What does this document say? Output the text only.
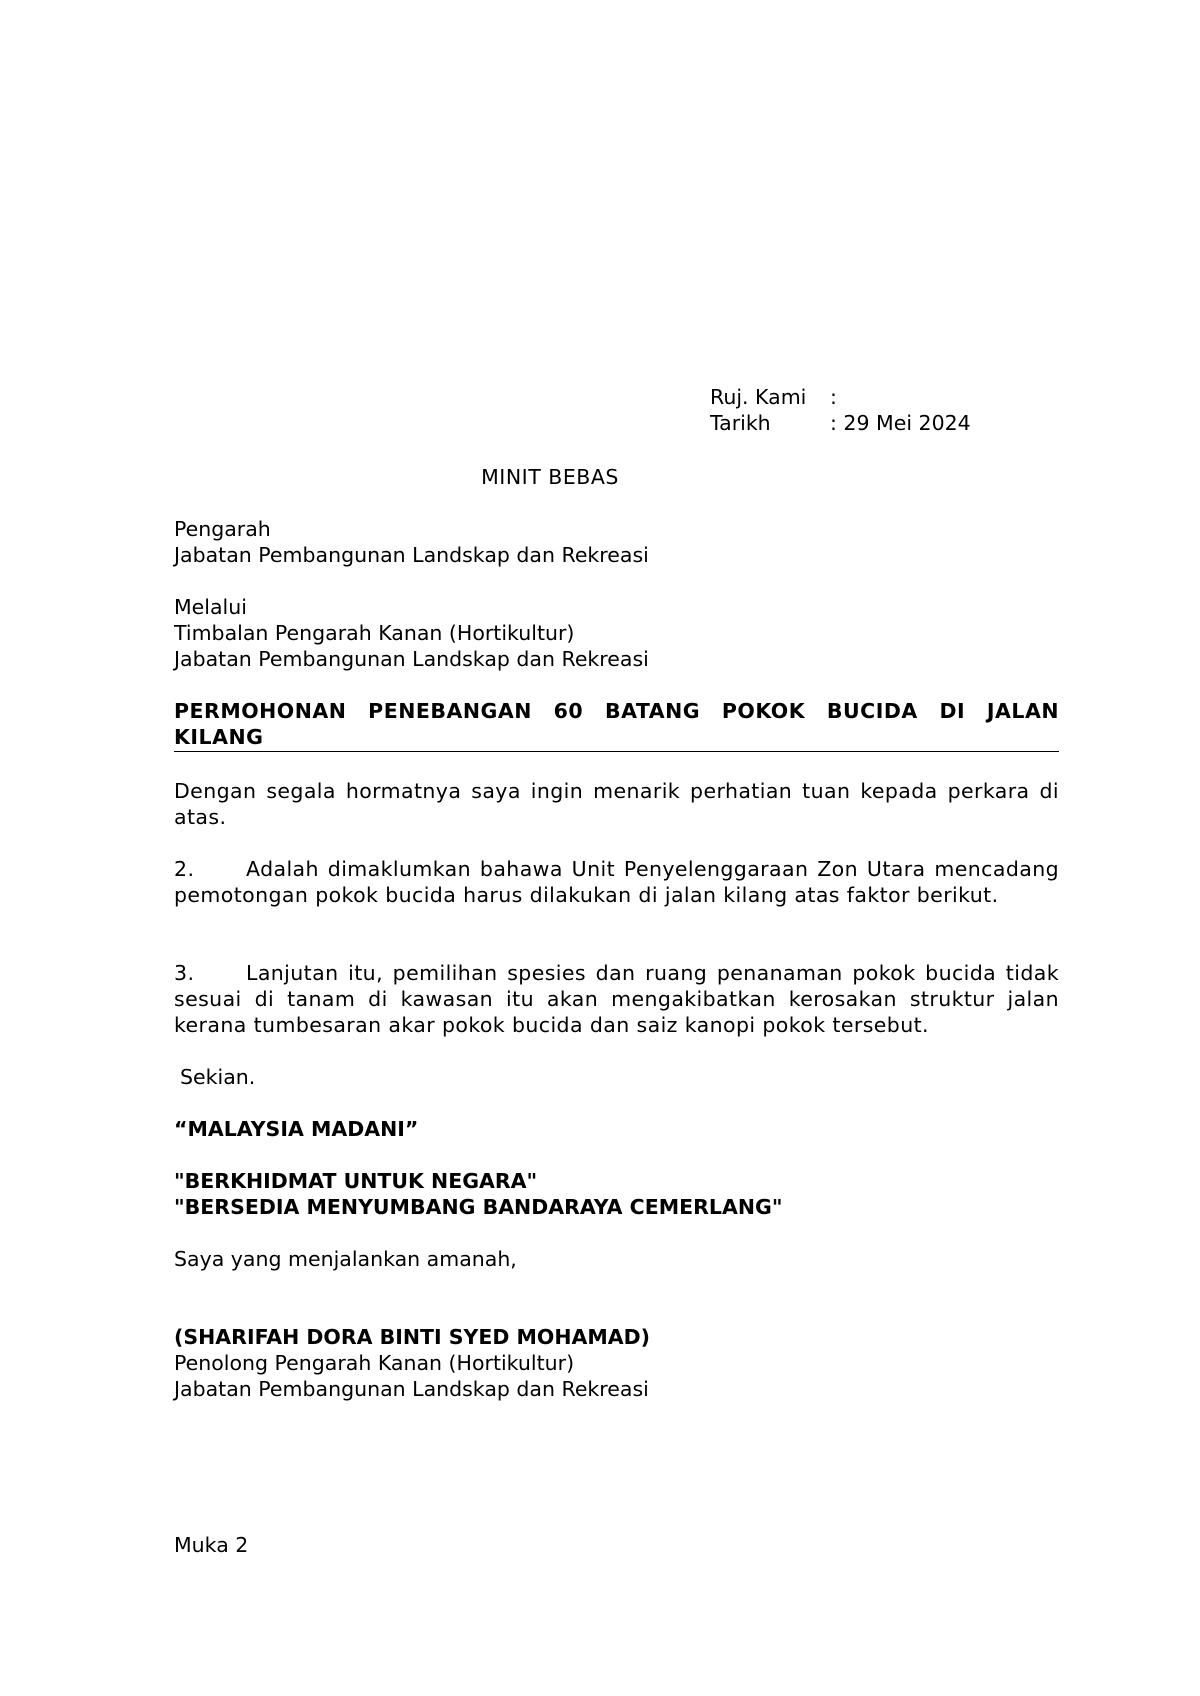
Ruj. Kami	:
Tarikh	: 29 Mei 2024
MINIT BEBAS
Pengarah
Jabatan Pembangunan Landskap dan Rekreasi
Melalui
Timbalan Pengarah Kanan (Hortikultur)
Jabatan Pembangunan Landskap dan Rekreasi
PERMOHONAN PENEBANGAN 60 BATANG POKOK BUCIDA DI JALAN KILANG
Dengan segala hormatnya saya ingin menarik perhatian tuan kepada perkara di atas.
2.	Adalah dimaklumkan bahawa Unit Penyelenggaraan Zon Utara mencadang pemotongan pokok bucida harus dilakukan di jalan kilang atas faktor berikut.
3.	Lanjutan itu, pemilihan spesies dan ruang penanaman pokok bucida tidak sesuai di tanam di kawasan itu akan mengakibatkan kerosakan struktur jalan kerana tumbesaran akar pokok bucida dan saiz kanopi pokok tersebut.
Sekian.
“MALAYSIA MADANI”
"BERKHIDMAT UNTUK NEGARA"
"BERSEDIA MENYUMBANG BANDARAYA CEMERLANG"
Saya yang menjalankan amanah,
(SHARIFAH DORA BINTI SYED MOHAMAD)
Penolong Pengarah Kanan (Hortikultur)
Jabatan Pembangunan Landskap dan Rekreasi
Muka 2
